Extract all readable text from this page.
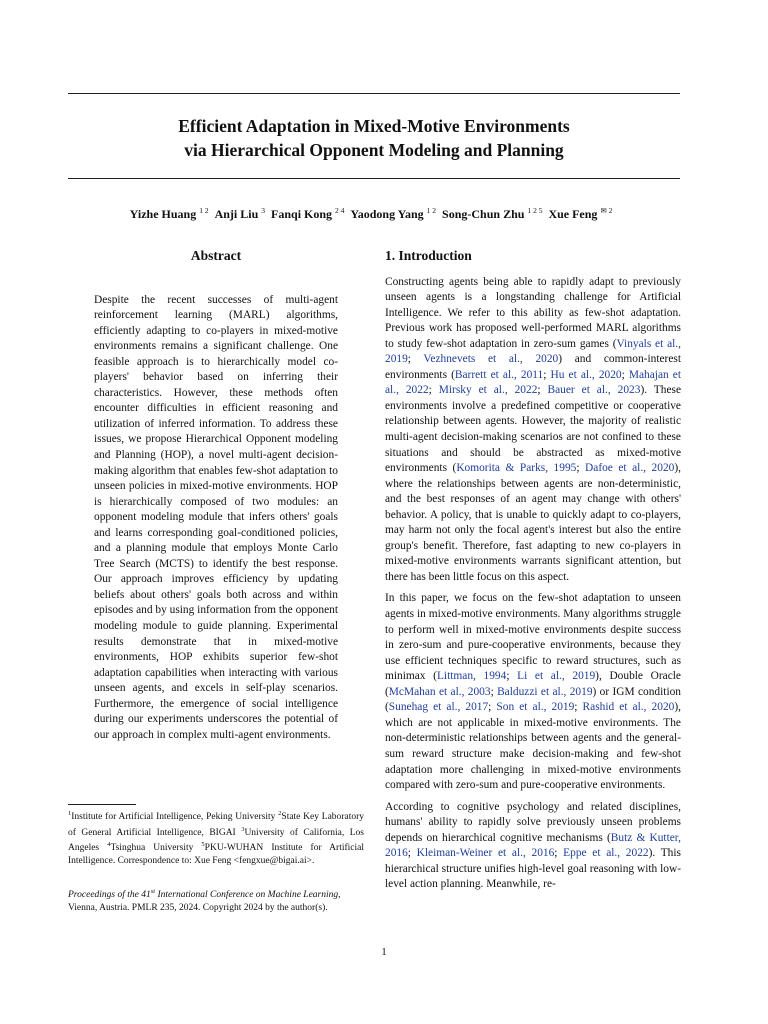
Efficient Adaptation in Mixed-Motive Environments
via Hierarchical Opponent Modeling and Planning
Yizhe Huang $^{1 2}$ Anji Liu $^3$ Fanqi Kong $^{2 4}$ Yaodong Yang $^{1 2}$ Song-Chun Zhu $^{1 2 5}$ Xue Feng $^{✉ 2}$
Abstract
Despite the recent successes of multi-agent reinforcement learning (MARL) algorithms, efficiently adapting to co-players in mixed-motive environments remains a significant challenge. One feasible approach is to hierarchically model co-players' behavior based on inferring their characteristics. However, these methods often encounter difficulties in efficient reasoning and utilization of inferred information. To address these issues, we propose Hierarchical Opponent modeling and Planning (HOP), a novel multi-agent decision-making algorithm that enables few-shot adaptation to unseen policies in mixed-motive environments. HOP is hierarchically composed of two modules: an opponent modeling module that infers others' goals and learns corresponding goal-conditioned policies, and a planning module that employs Monte Carlo Tree Search (MCTS) to identify the best response. Our approach improves efficiency by updating beliefs about others' goals both across and within episodes and by using information from the opponent modeling module to guide planning. Experimental results demonstrate that in mixed-motive environments, HOP exhibits superior few-shot adaptation capabilities when interacting with various unseen agents, and excels in self-play scenarios. Furthermore, the emergence of social intelligence during our experiments underscores the potential of our approach in complex multi-agent environments.
1. Introduction

Constructing agents being able to rapidly adapt to previously unseen agents is a longstanding challenge for Artificial Intelligence. We refer to this ability as few-shot adaptation. Previous work has proposed well-performed MARL algorithms to study few-shot adaptation in zero-sum games (Vinyals et al., 2019; Vezhnevets et al., 2020) and common-interest environments (Barrett et al., 2011; Hu et al., 2020; Mahajan et al., 2022; Mirsky et al., 2022; Bauer et al., 2023). These environments involve a predefined competitive or cooperative relationship between agents. However, the majority of realistic multi-agent decision-making scenarios are not confined to these situations and should be abstracted as mixed-motive environments (Komorita & Parks, 1995; Dafoe et al., 2020), where the relationships between agents are non-deterministic, and the best responses of an agent may change with others' behavior. A policy, that is unable to quickly adapt to co-players, may harm not only the focal agent's interest but also the entire group's benefit. Therefore, fast adapting to new co-players in mixed-motive environments warrants significant attention, but there has been little focus on this aspect.

In this paper, we focus on the few-shot adaptation to unseen agents in mixed-motive environments. Many algorithms struggle to perform well in mixed-motive environments despite success in zero-sum and pure-cooperative environments, because they use efficient techniques specific to reward structures, such as minimax (Littman, 1994; Li et al., 2019), Double Oracle (McMahan et al., 2003; Balduzzi et al., 2019) or IGM condition (Sunehag et al., 2017; Son et al., 2019; Rashid et al., 2020), which are not applicable in mixed-motive environments. The non-deterministic relationships between agents and the general-sum reward structure make decision-making and few-shot adaptation more challenging in mixed-motive environments compared with zero-sum and pure-cooperative environments.

According to cognitive psychology and related disciplines, humans' ability to rapidly solve previously unseen problems depends on hierarchical cognitive mechanisms (Butz & Kutter, 2016; Kleiman-Weiner et al., 2016; Eppe et al., 2022). This hierarchical structure unifies high-level goal reasoning with low-level action planning. Meanwhile, re-

$^1$Institute for Artificial Intelligence, Peking University $^2$State Key Laboratory of General Artificial Intelligence, BIGAI $^3$University of California, Los Angeles $^4$Tsinghua University $^5$PKU-WUHAN Institute for Artificial Intelligence. Correspondence to: Xue Feng <fengxue@bigai.ai>.
Proceedings of the 41st International Conference on Machine Learning, Vienna, Austria. PMLR 235, 2024. Copyright 2024 by the author(s).
1
